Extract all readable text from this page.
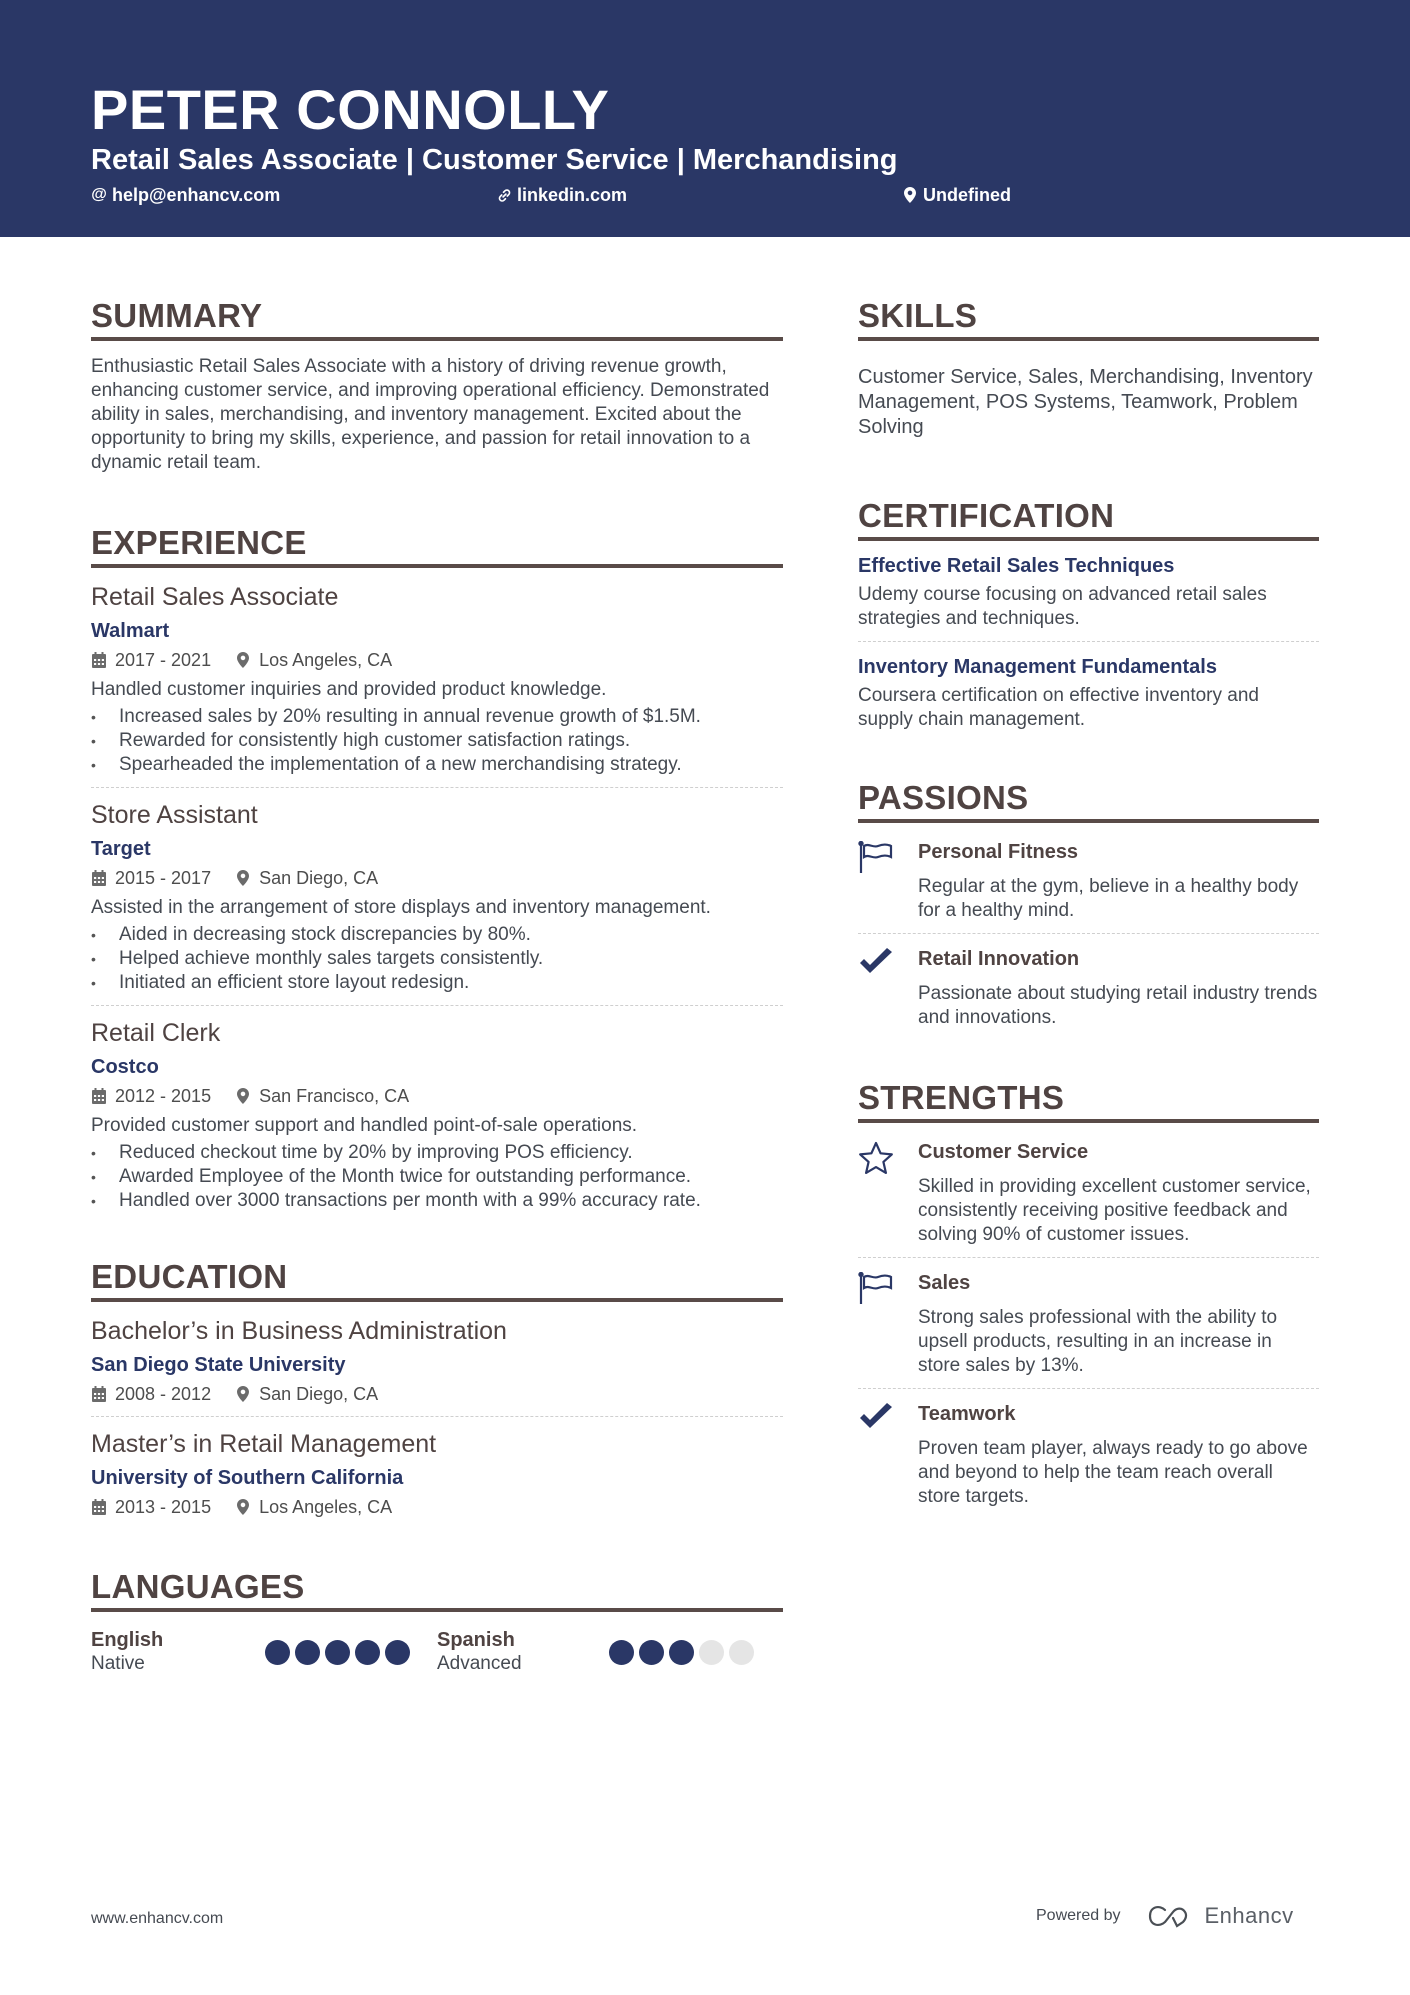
PETER CONNOLLY
Retail Sales Associate | Customer Service | Merchandising
@ help@enhancv.com	linkedin.com	Undefined
SUMMARY

Enthusiastic Retail Sales Associate with a history of driving revenue growth, enhancing customer service, and improving operational efficiency. Demonstrated ability in sales, merchandising, and inventory management. Excited about the opportunity to bring my skills, experience, and passion for retail innovation to a dynamic retail team.

EXPERIENCE
Retail Sales Associate
Walmart
2017 - 2021	Los Angeles, CA
Handled customer inquiries and provided product knowledge.
• Increased sales by 20% resulting in annual revenue growth of $1.5M.
• Rewarded for consistently high customer satisfaction ratings.
• Spearheaded the implementation of a new merchandising strategy.
Store Assistant
Target
2015 - 2017	San Diego, CA
Assisted in the arrangement of store displays and inventory management.
• Aided in decreasing stock discrepancies by 80%.
• Helped achieve monthly sales targets consistently.
• Initiated an efficient store layout redesign.
Retail Clerk
Costco
2012 - 2015	San Francisco, CA
Provided customer support and handled point-of-sale operations.
• Reduced checkout time by 20% by improving POS efficiency.
• Awarded Employee of the Month twice for outstanding performance.
• Handled over 3000 transactions per month with a 99% accuracy rate.
EDUCATION
Bachelor’s in Business Administration
San Diego State University
2008 - 2012	San Diego, CA
Master’s in Retail Management
University of Southern California
2013 - 2015	Los Angeles, CA
LANGUAGES
English
Native
Spanish
Advanced
SKILLS

Customer Service, Sales, Merchandising, Inventory Management, POS Systems, Teamwork, Problem Solving

CERTIFICATION
Effective Retail Sales Techniques
Udemy course focusing on advanced retail sales strategies and techniques.
Inventory Management Fundamentals
Coursera certification on effective inventory and supply chain management.
PASSIONS
Personal Fitness
Regular at the gym, believe in a healthy body for a healthy mind.
Retail Innovation
Passionate about studying retail industry trends and innovations.
STRENGTHS
Customer Service
Skilled in providing excellent customer service, consistently receiving positive feedback and solving 90% of customer issues.
Sales
Strong sales professional with the ability to upsell products, resulting in an increase in store sales by 13%.
Teamwork
Proven team player, always ready to go above and beyond to help the team reach overall store targets.
www.enhancv.com	Powered by	Enhancv
